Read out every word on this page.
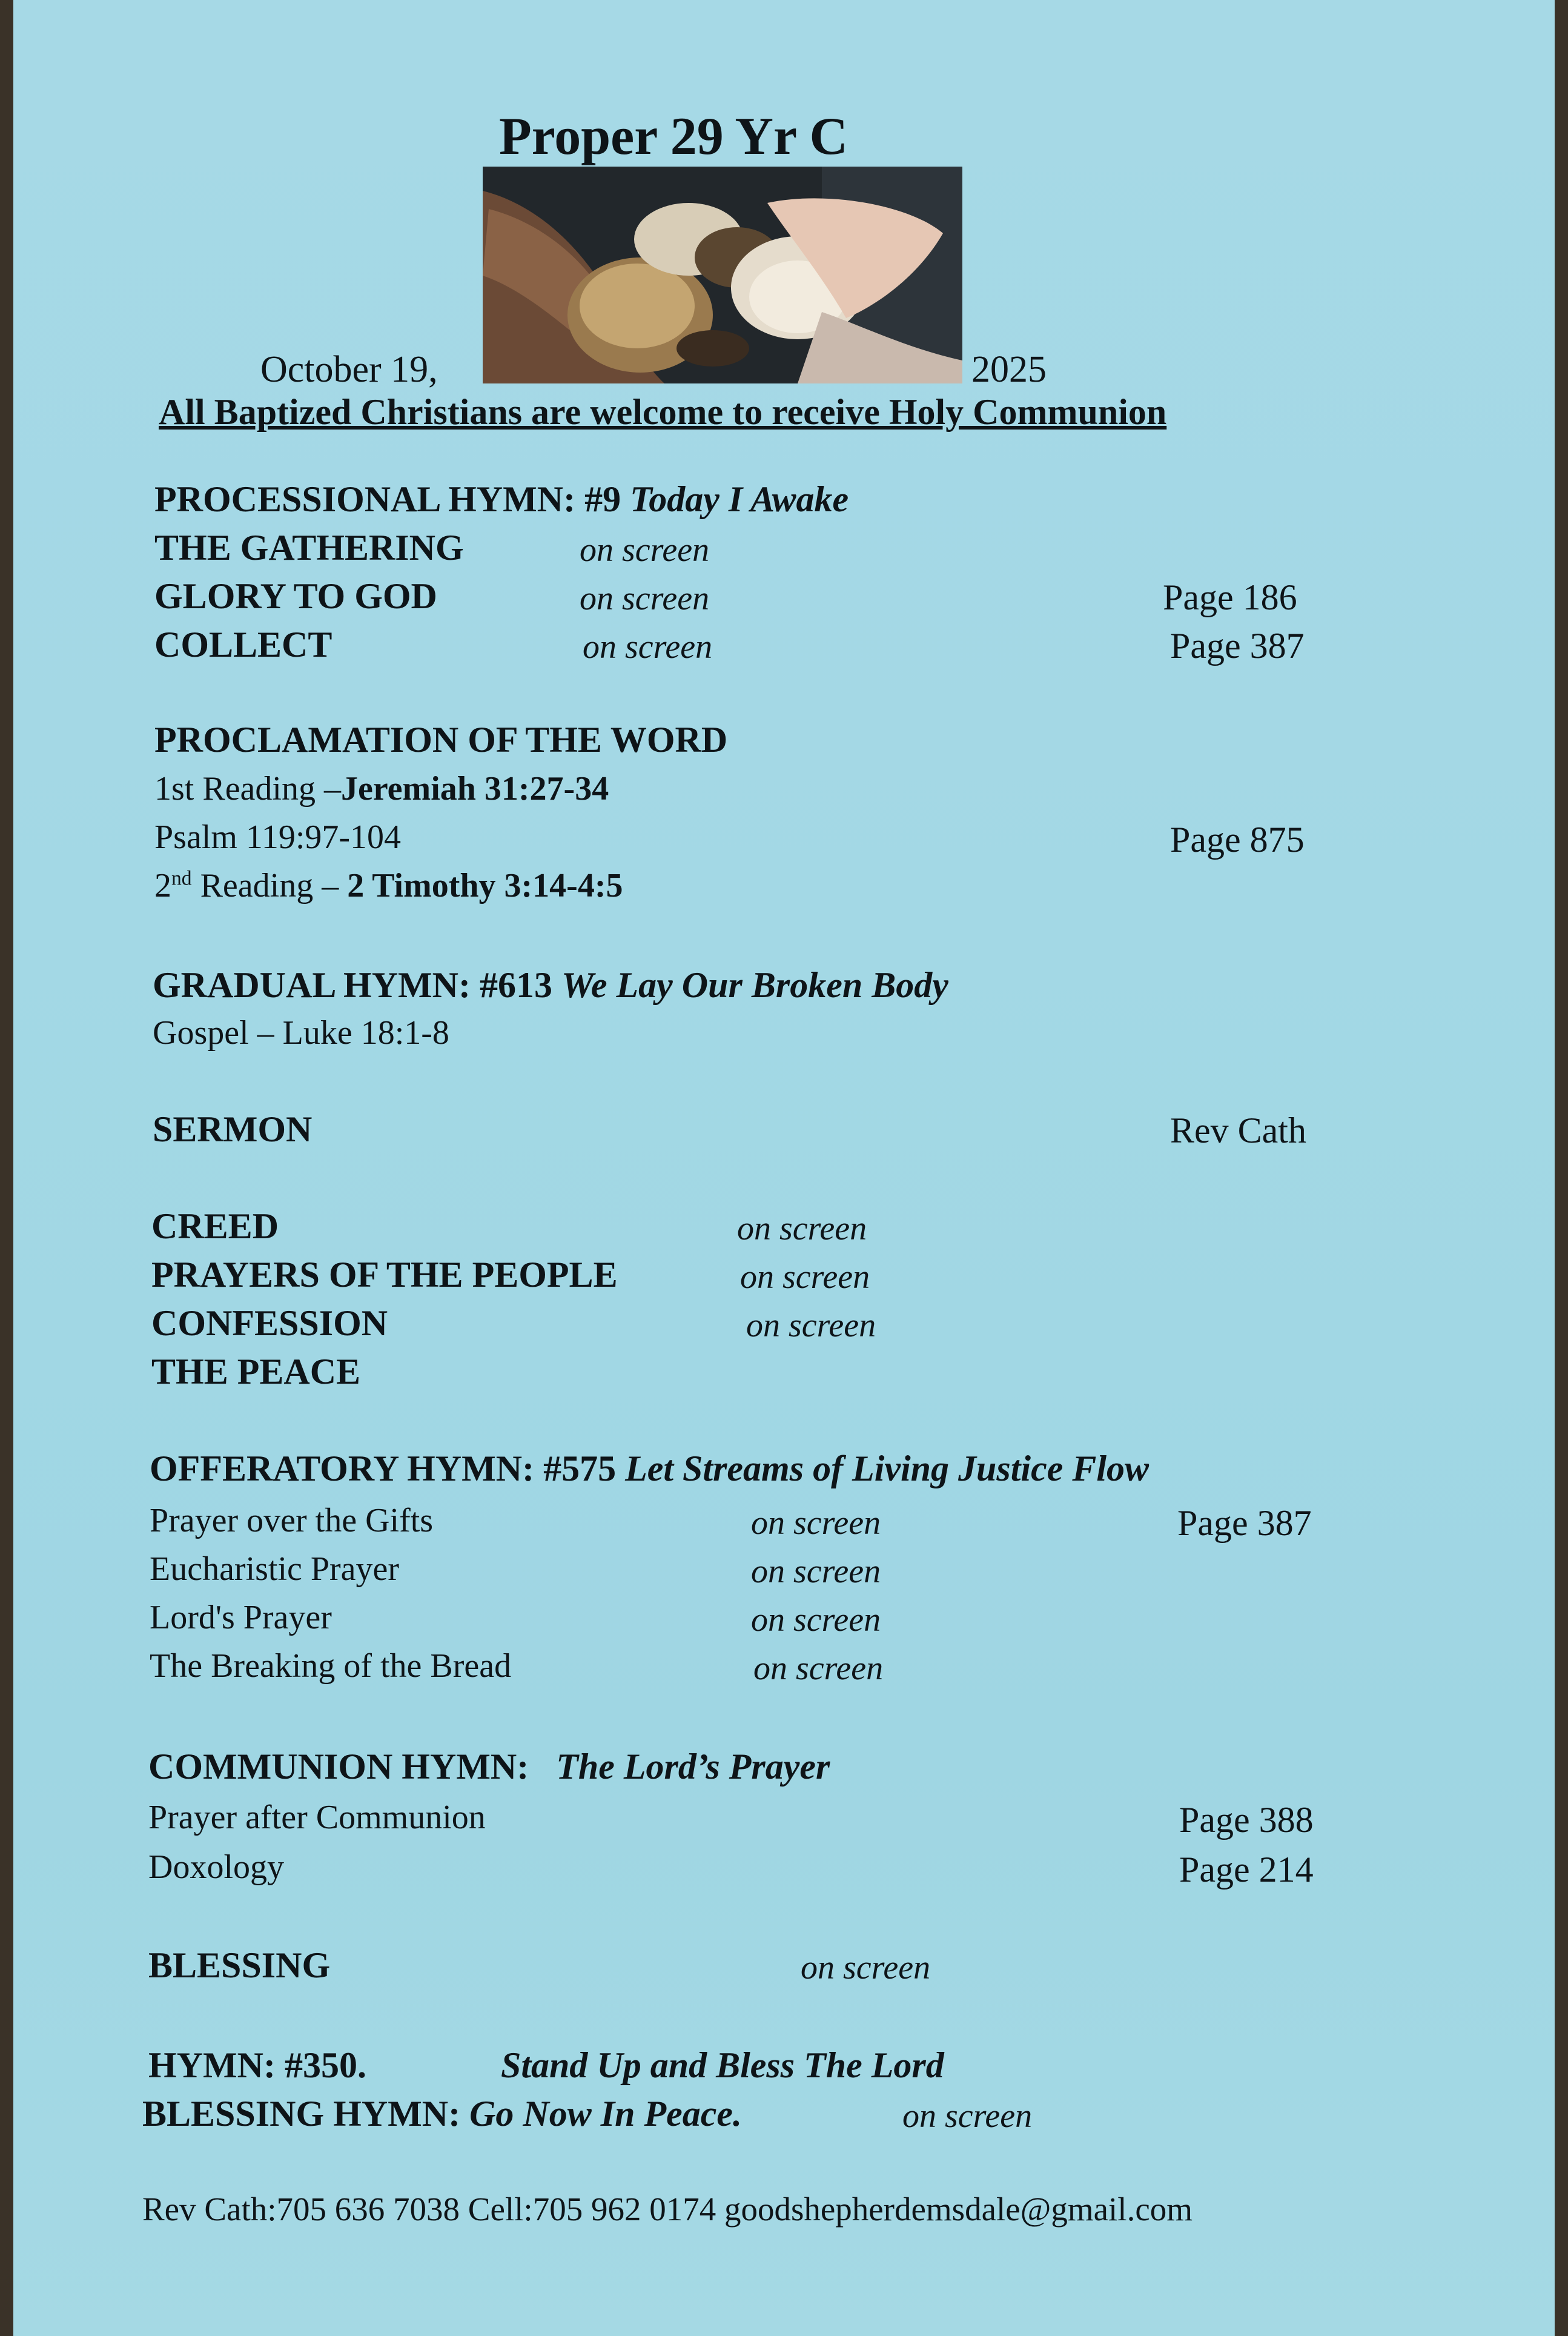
Proper 29 Yr C
October 19,	2025
All Baptized Christians are welcome to receive Holy Communion
PROCESSIONAL HYMN: #9 Today I Awake
THE GATHERING	on screen
GLORY TO GOD	on screen	Page 186
COLLECT	on screen	Page 387
PROCLAMATION OF THE WORD
1st Reading –Jeremiah 31:27-34
Psalm 119:97-104	Page 875
2nd Reading – 2 Timothy 3:14-4:5
GRADUAL HYMN: #613 We Lay Our Broken Body
Gospel – Luke 18:1-8
SERMON	Rev Cath
CREED	on screen
PRAYERS OF THE PEOPLE	on screen
CONFESSION	on screen
THE PEACE
OFFERATORY HYMN: #575 Let Streams of Living Justice Flow
Prayer over the Gifts	on screen	Page 387
Eucharistic Prayer	on screen
Lord's Prayer	on screen
The Breaking of the Bread	on screen
COMMUNION HYMN: The Lord’s Prayer
Prayer after Communion	Page 388
Doxology	Page 214
BLESSING	on screen
HYMN: #350.	Stand Up and Bless The Lord
BLESSING HYMN: Go Now In Peace.	on screen
Rev Cath:705 636 7038 Cell:705 962 0174 goodshepherdemsdale@gmail.com
